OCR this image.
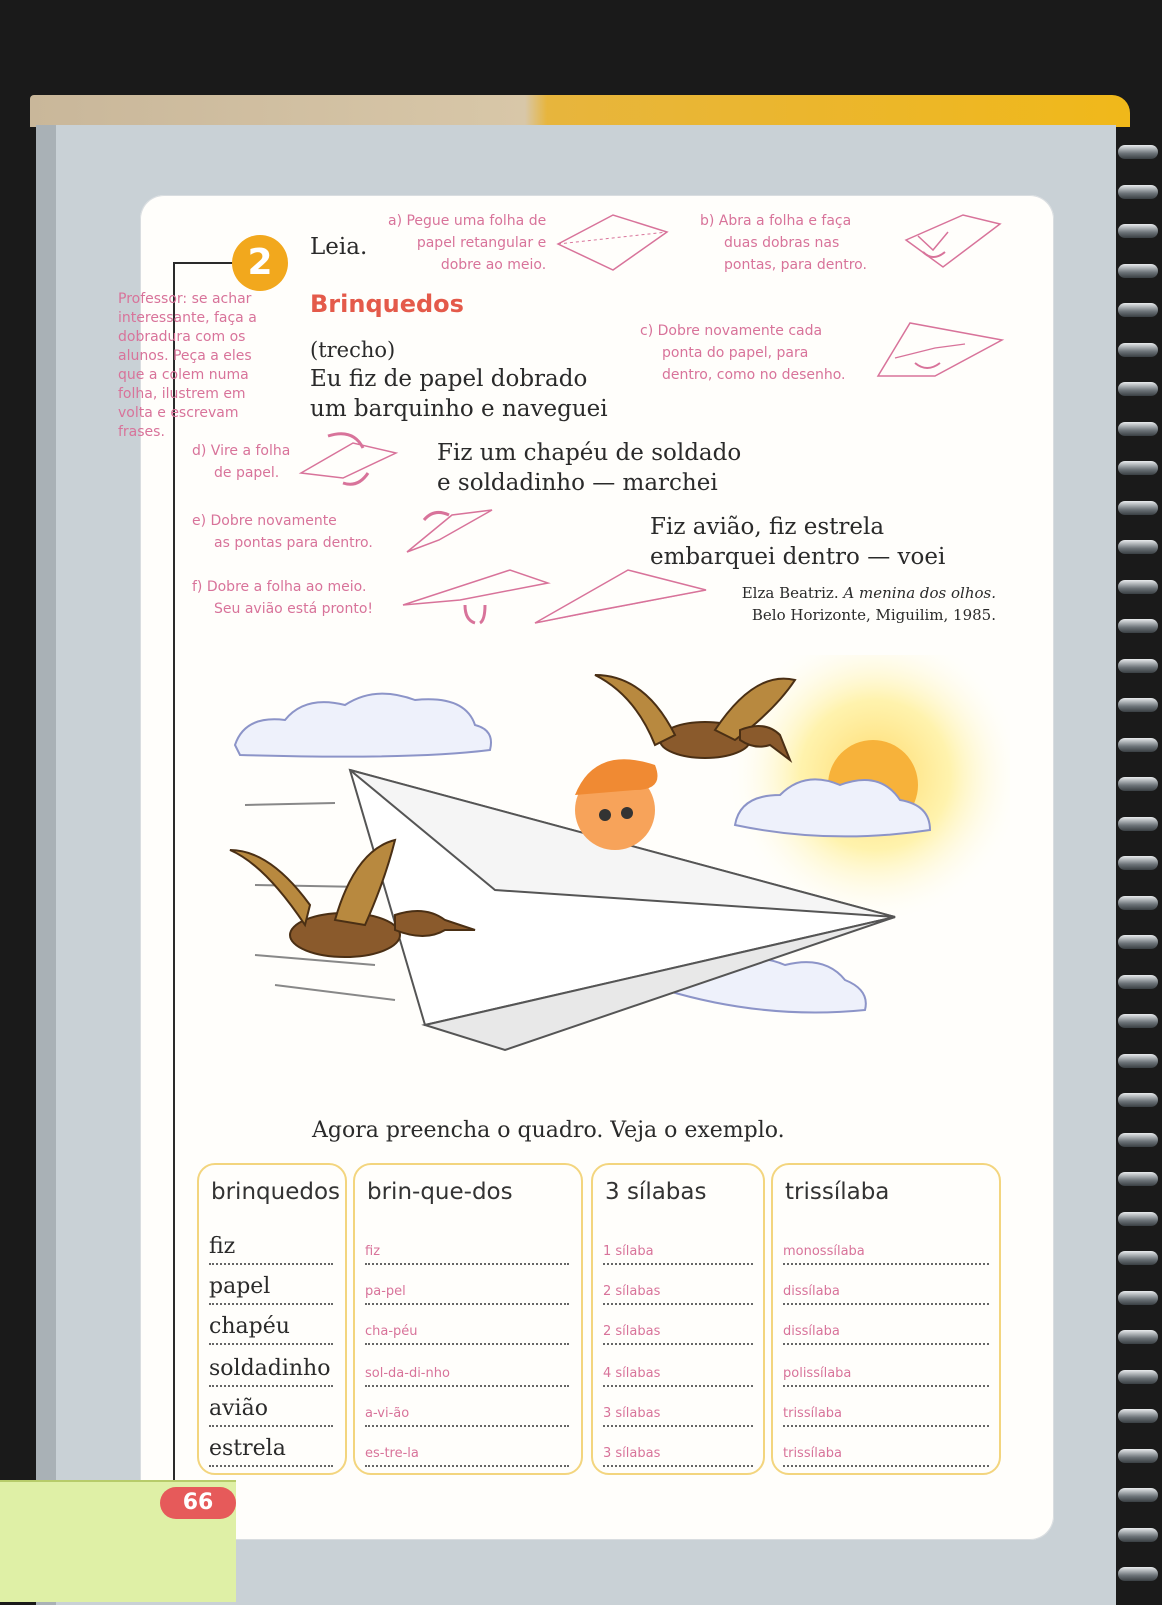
2	Leia.

Professor: se achar
interessante, faça a
dobradura com os
alunos. Peça a eles
que a colem numa
folha, ilustrem em
volta e escrevam
frases.
a) Pegue uma folha de
papel retangular e
dobre ao meio.
b) Abra a folha e faça
duas dobras nas
pontas, para dentro.
c) Dobre novamente cada
ponta do papel, para
dentro, como no desenho.
d) Vire a folha
de papel.
e) Dobre novamente
as pontas para dentro.
f) Dobre a folha ao meio.
Seu avião está pronto!

Brinquedos

(trecho)

Eu fiz de papel dobrado
um barquinho e naveguei
Fiz um chapéu de soldado
e soldadinho — marchei
Fiz avião, fiz estrela
embarquei dentro — voei
Elza Beatriz. A menina dos olhos.
Belo Horizonte, Miguilim, 1985.
Agora preencha o quadro. Veja o exemplo.
brinquedos
fiz
papel
chapéu
soldadinho
avião
estrela
brin-que-dos
fiz
pa-pel
cha-péu
sol-da-di-nho
a-vi-ão
es-tre-la
3 sílabas
1 sílaba
2 sílabas
2 sílabas
4 sílabas
3 sílabas
3 sílabas
trissílaba
monossílaba
dissílaba
dissílaba
polissílaba
trissílaba
trissílaba
66
